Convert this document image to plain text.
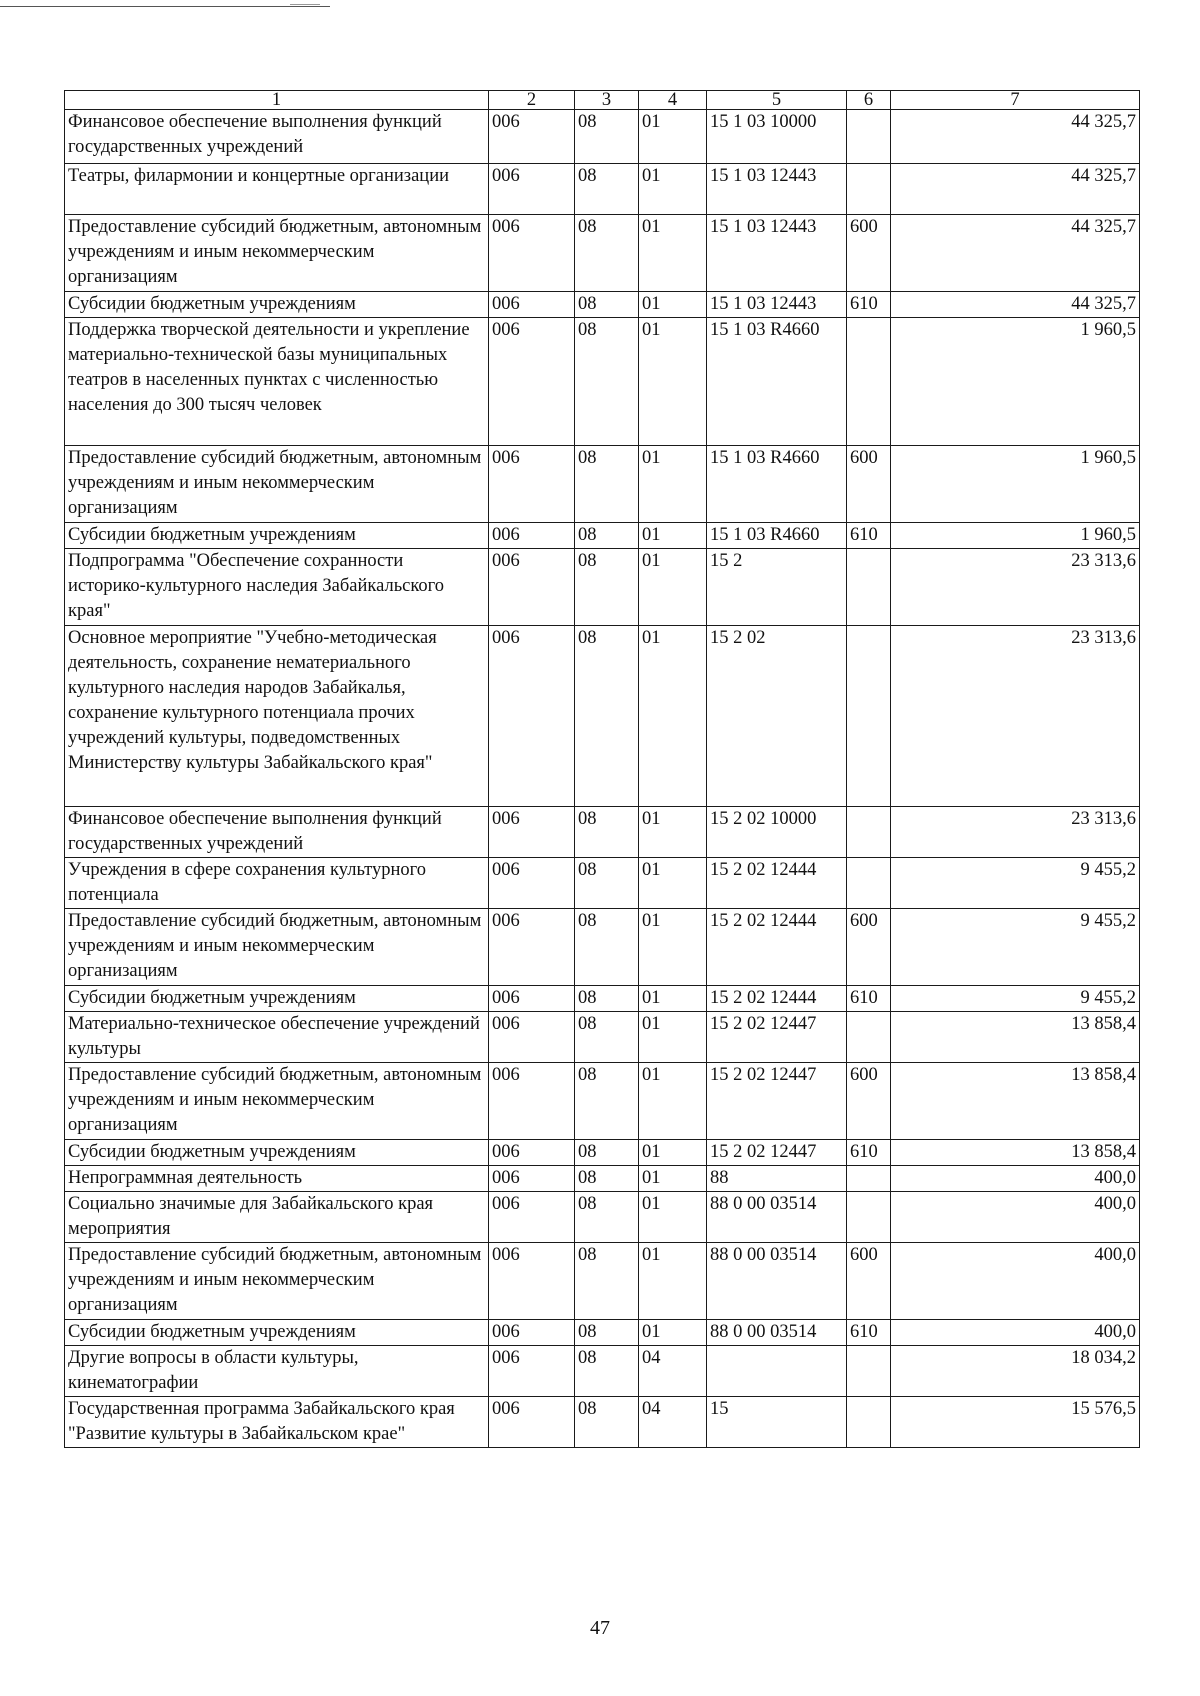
1	2	3	4	5	6	7
Финансовое обеспечение выполнения функций государственных учреждений	006	08	01	15 1 03 10000		44 325,7
Театры, филармонии и концертные организации	006	08	01	15 1 03 12443		44 325,7
Предоставление субсидий бюджетным, автономным учреждениям и иным некоммерческим организациям	006	08	01	15 1 03 12443	600	44 325,7
Субсидии бюджетным учреждениям	006	08	01	15 1 03 12443	610	44 325,7
Поддержка творческой деятельности и укрепление материально-технической базы муниципальных театров в населенных пунктах с численностью населения до 300 тысяч человек	006	08	01	15 1 03 R4660		1 960,5
Предоставление субсидий бюджетным, автономным учреждениям и иным некоммерческим организациям	006	08	01	15 1 03 R4660	600	1 960,5
Субсидии бюджетным учреждениям	006	08	01	15 1 03 R4660	610	1 960,5
Подпрограмма "Обеспечение сохранности историко-культурного наследия Забайкальского края"	006	08	01	15 2		23 313,6
Основное мероприятие "Учебно-методическая деятельность, сохранение нематериального культурного наследия народов Забайкалья, сохранение культурного потенциала прочих учреждений культуры, подведомственных Министерству культуры Забайкальского края"	006	08	01	15 2 02		23 313,6
Финансовое обеспечение выполнения функций государственных учреждений	006	08	01	15 2 02 10000		23 313,6
Учреждения в сфере сохранения культурного потенциала	006	08	01	15 2 02 12444		9 455,2
Предоставление субсидий бюджетным, автономным учреждениям и иным некоммерческим организациям	006	08	01	15 2 02 12444	600	9 455,2
Субсидии бюджетным учреждениям	006	08	01	15 2 02 12444	610	9 455,2
Материально-техническое обеспечение учреждений культуры	006	08	01	15 2 02 12447		13 858,4
Предоставление субсидий бюджетным, автономным учреждениям и иным некоммерческим организациям	006	08	01	15 2 02 12447	600	13 858,4
Субсидии бюджетным учреждениям	006	08	01	15 2 02 12447	610	13 858,4
Непрограммная деятельность	006	08	01	88		400,0
Социально значимые для Забайкальского края мероприятия	006	08	01	88 0 00 03514		400,0
Предоставление субсидий бюджетным, автономным учреждениям и иным некоммерческим организациям	006	08	01	88 0 00 03514	600	400,0
Субсидии бюджетным учреждениям	006	08	01	88 0 00 03514	610	400,0
Другие вопросы в области культуры, кинематографии	006	08	04			18 034,2
Государственная программа Забайкальского края "Развитие культуры в Забайкальском крае"	006	08	04	15		15 576,5
47
